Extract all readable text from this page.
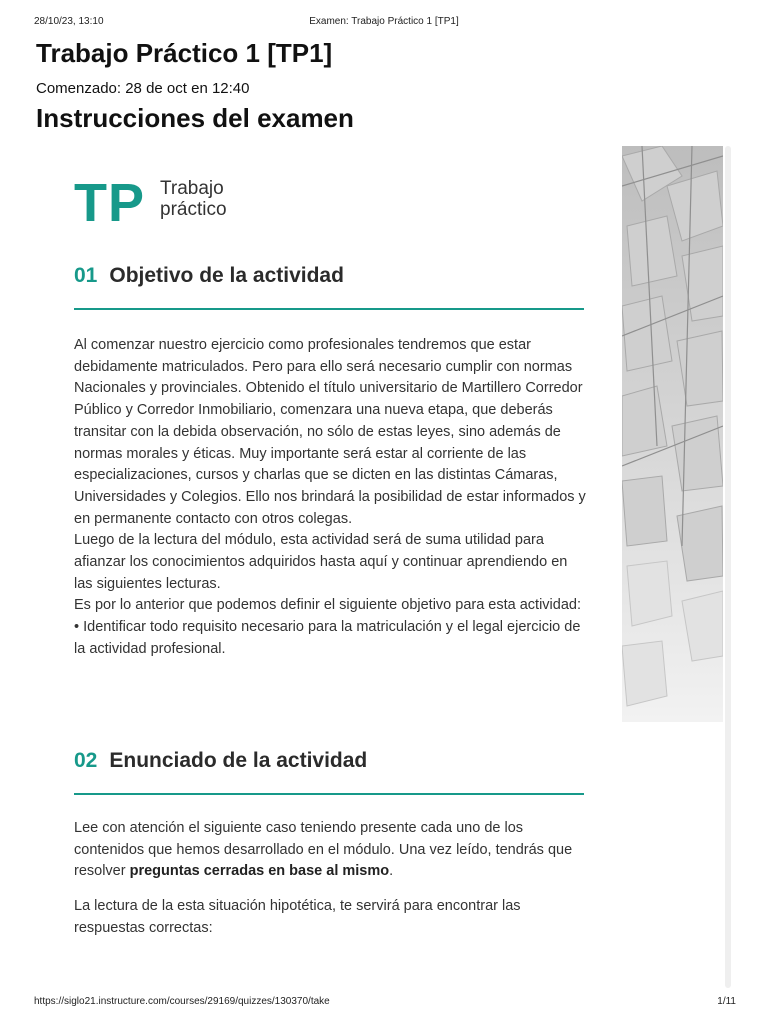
28/10/23, 13:10	Examen: Trabajo Práctico 1 [TP1]
Trabajo Práctico 1 [TP1]
Comenzado: 28 de oct en 12:40
Instrucciones del examen
TP Trabajo
práctico
01 Objetivo de la actividad

Al comenzar nuestro ejercicio como profesionales tendremos que estar debidamente matriculados. Pero para ello será necesario cumplir con normas Nacionales y provinciales. Obtenido el título universitario de Martillero Corredor Público y Corredor Inmobiliario, comenzara una nueva etapa, que deberás transitar con la debida observación, no sólo de estas leyes, sino además de normas morales y éticas. Muy importante será estar al corriente de las especializaciones, cursos y charlas que se dicten en las distintas Cámaras, Universidades y Colegios. Ello nos brindará la posibilidad de estar informados y en permanente contacto con otros colegas.

Luego de la lectura del módulo, esta actividad será de suma utilidad para afianzar los conocimientos adquiridos hasta aquí y continuar aprendiendo en las siguientes lecturas.

Es por lo anterior que podemos definir el siguiente objetivo para esta actividad:

• Identificar todo requisito necesario para la matriculación y el legal ejercicio de la actividad profesional.

02 Enunciado de la actividad

Lee con atención el siguiente caso teniendo presente cada uno de los contenidos que hemos desarrollado en el módulo. Una vez leído, tendrás que resolver preguntas cerradas en base al mismo.

La lectura de la esta situación hipotética, te servirá para encontrar las respuestas correctas:

https://siglo21.instructure.com/courses/29169/quizzes/130370/take	1/11
